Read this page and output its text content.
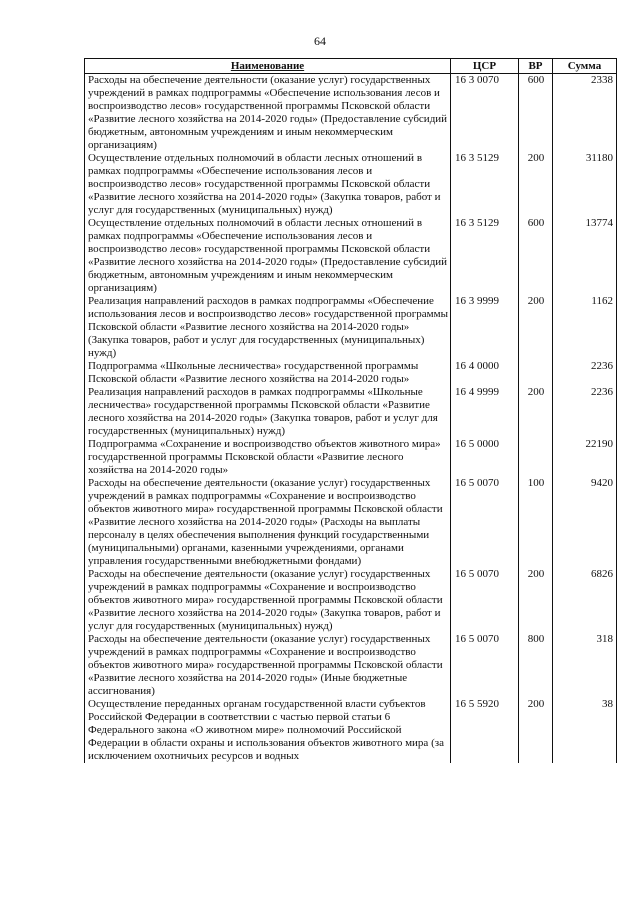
64
Наименование	ЦСР	ВР	Сумма
Расходы на обеспечение деятельности (оказание услуг) государственных учреждений в рамках подпрограммы «Обеспечение использования лесов и воспроизводство лесов» государственной программы Псковской области «Развитие лесного хозяйства на 2014-2020 годы» (Предоставление субсидий бюджетным, автономным учреждениям и иным некоммерческим организациям)	16 3 0070	600	2338
Осуществление отдельных полномочий в области лесных отношений в рамках подпрограммы «Обеспечение использования лесов и воспроизводство лесов» государственной программы Псковской области «Развитие лесного хозяйства на 2014-2020 годы» (Закупка товаров, работ и услуг для государственных (муниципальных) нужд)	16 3 5129	200	31180
Осуществление отдельных полномочий в области лесных отношений в рамках подпрограммы «Обеспечение использования лесов и воспроизводство лесов» государственной программы Псковской области «Развитие лесного хозяйства на 2014-2020 годы» (Предоставление субсидий бюджетным, автономным учреждениям и иным некоммерческим организациям)	16 3 5129	600	13774
Реализация направлений расходов в рамках подпрограммы «Обеспечение использования лесов и воспроизводство лесов» государственной программы Псковской области «Развитие лесного хозяйства на 2014-2020 годы» (Закупка товаров, работ и услуг для государственных (муниципальных) нужд)	16 3 9999	200	1162
Подпрограмма «Школьные лесничества» государственной программы Псковской области «Развитие лесного хозяйства на 2014-2020 годы»	16 4 0000		2236
Реализация направлений расходов в рамках подпрограммы «Школьные лесничества» государственной программы Псковской области «Развитие лесного хозяйства на 2014-2020 годы» (Закупка товаров, работ и услуг для государственных (муниципальных) нужд)	16 4 9999	200	2236
Подпрограмма «Сохранение и воспроизводство объектов животного мира» государственной программы Псковской области «Развитие лесного хозяйства на 2014-2020 годы»	16 5 0000		22190
Расходы на обеспечение деятельности (оказание услуг) государственных учреждений в рамках подпрограммы «Сохранение и воспроизводство объектов животного мира» государственной программы Псковской области «Развитие лесного хозяйства на 2014-2020 годы» (Расходы на выплаты персоналу в целях обеспечения выполнения функций государственными (муниципальными) органами, казенными учреждениями, органами управления государственными внебюджетными фондами)	16 5 0070	100	9420
Расходы на обеспечение деятельности (оказание услуг) государственных учреждений в рамках подпрограммы «Сохранение и воспроизводство объектов животного мира» государственной программы Псковской области «Развитие лесного хозяйства на 2014-2020 годы» (Закупка товаров, работ и услуг для государственных (муниципальных) нужд)	16 5 0070	200	6826
Расходы на обеспечение деятельности (оказание услуг) государственных учреждений в рамках подпрограммы «Сохранение и воспроизводство объектов животного мира» государственной программы Псковской области «Развитие лесного хозяйства на 2014-2020 годы» (Иные бюджетные ассигнования)	16 5 0070	800	318
Осуществление переданных органам государственной власти субъектов Российской Федерации в соответствии с частью первой статьи 6 Федерального закона «О животном мире» полномочий Российской Федерации в области охраны и использования объектов животного мира (за исключением охотничьих ресурсов и водных	16 5 5920	200	38
